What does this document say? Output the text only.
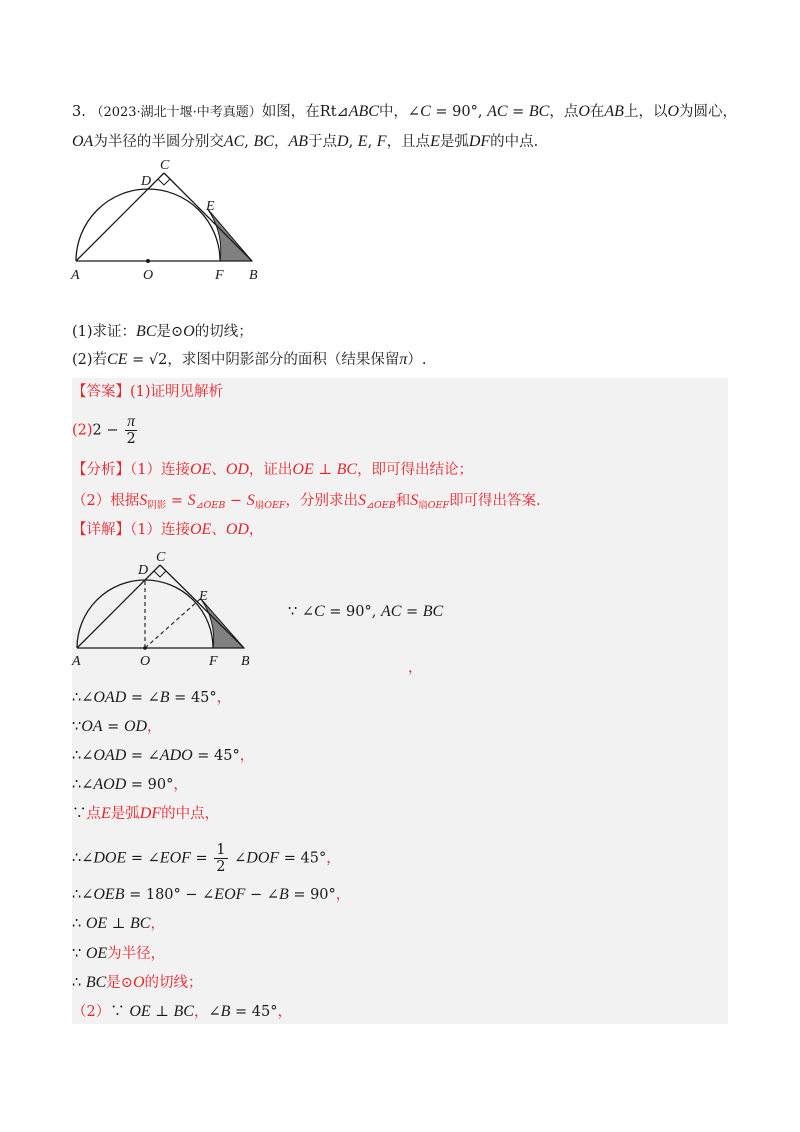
3. （2023·湖北十堰·中考真题）如图，在Rt⊿ABC中，∠C = 90°, AC = BC，点O在AB上，以O为圆心，
OA为半径的半圆分别交AC, BC，AB于点D, E, F，且点E是弧DF的中点.
C
D
E
A	O	F B
(1)求证：BC是⊙O的切线；
(2)若CE = √2，求图中阴影部分的面积（结果保留π）.
【答案】(1)证明见解析
$(2)2 - \frac{\pi}{2}$
【分析】（1）连接OE、OD，证出OE ⊥ BC，即可得出结论；
（2）根据$S_{阴影} = S_{⊿OEB} - S_{扇OEF}$，分别求出$S_{⊿OEB}$和$S_{扇OEF}$即可得出答案.
【详解】（1）连接OE、OD，
C
D
E
A	O	F B
∵ ∠C = 90°, AC = BC
，
∴∠OAD = ∠B = 45°，
∵OA = OD，
∴∠OAD = ∠ADO = 45°，
∴∠AOD = 90°，
∵点E是弧DF的中点，
∴∠DOE = ∠EOF = $\frac{1}{2}$ ∠DOF = 45°，
∴∠OEB = 180° − ∠EOF − ∠B = 90°，
∴ OE ⊥ BC，
∵ OE为半径，
∴ BC是⊙O的切线；
（2）∵ OE ⊥ BC，∠B = 45°，
